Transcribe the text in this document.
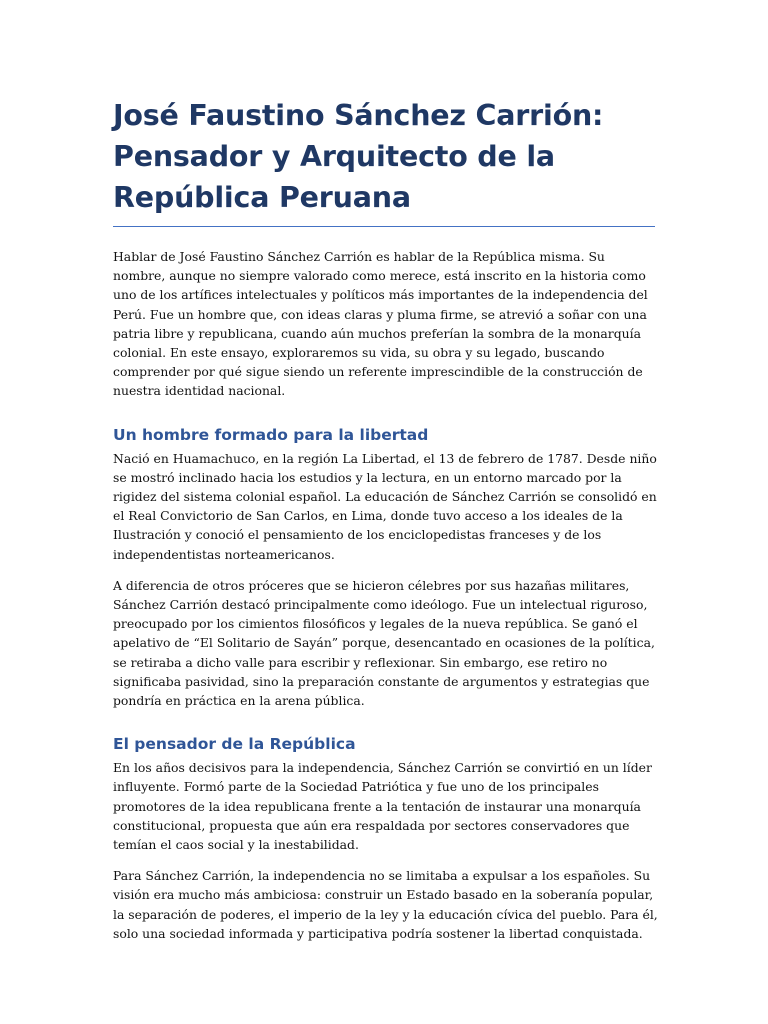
José Faustino Sánchez Carrión: Pensador y Arquitecto de la República Peruana

Hablar de José Faustino Sánchez Carrión es hablar de la República misma. Su nombre, aunque no siempre valorado como merece, está inscrito en la historia como uno de los artífices intelectuales y políticos más importantes de la independencia del Perú. Fue un hombre que, con ideas claras y pluma firme, se atrevió a soñar con una patria libre y republicana, cuando aún muchos preferían la sombra de la monarquía colonial. En este ensayo, exploraremos su vida, su obra y su legado, buscando comprender por qué sigue siendo un referente imprescindible de la construcción de nuestra identidad nacional.

Un hombre formado para la libertad

Nació en Huamachuco, en la región La Libertad, el 13 de febrero de 1787. Desde niño se mostró inclinado hacia los estudios y la lectura, en un entorno marcado por la rigidez del sistema colonial español. La educación de Sánchez Carrión se consolidó en el Real Convictorio de San Carlos, en Lima, donde tuvo acceso a los ideales de la Ilustración y conoció el pensamiento de los enciclopedistas franceses y de los independentistas norteamericanos.

A diferencia de otros próceres que se hicieron célebres por sus hazañas militares, Sánchez Carrión destacó principalmente como ideólogo. Fue un intelectual riguroso, preocupado por los cimientos filosóficos y legales de la nueva república. Se ganó el apelativo de “El Solitario de Sayán” porque, desencantado en ocasiones de la política, se retiraba a dicho valle para escribir y reflexionar. Sin embargo, ese retiro no significaba pasividad, sino la preparación constante de argumentos y estrategias que pondría en práctica en la arena pública.

El pensador de la República

En los años decisivos para la independencia, Sánchez Carrión se convirtió en un líder influyente. Formó parte de la Sociedad Patriótica y fue uno de los principales promotores de la idea republicana frente a la tentación de instaurar una monarquía constitucional, propuesta que aún era respaldada por sectores conservadores que temían el caos social y la inestabilidad.

Para Sánchez Carrión, la independencia no se limitaba a expulsar a los españoles. Su visión era mucho más ambiciosa: construir un Estado basado en la soberanía popular, la separación de poderes, el imperio de la ley y la educación cívica del pueblo. Para él, solo una sociedad informada y participativa podría sostener la libertad conquistada.
